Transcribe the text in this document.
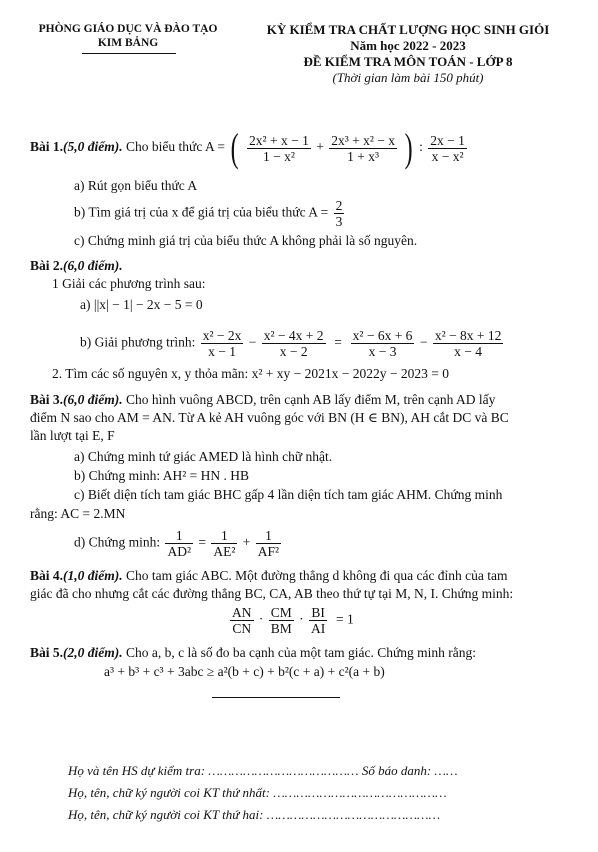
PHÒNG GIÁO DỤC VÀ ĐÀO TẠO
KIM BẢNG
KỲ KIỂM TRA CHẤT LƯỢNG HỌC SINH GIỎI
Năm học 2022 - 2023
ĐỀ KIỂM TRA MÔN TOÁN - LỚP 8
(Thời gian làm bài 150 phút)
Bài 1.(5,0 điểm). Cho biểu thức A = ( $\frac{\text{2x² + x − 1}}{\text{1 − x²}} + \frac{\text{2x³ + x² − x}}{\text{1 + x³}}$ ) : $\frac{2x - 1}{\text{x − x²}}$
a) Rút gọn biểu thức A
b) Tìm giá trị của x để giá trị của biểu thức $A = \frac{2}{3}$
c) Chứng minh giá trị của biểu thức A không phải là số nguyên.
Bài 2.(6,0 điểm).
1 Giải các phương trình sau:
a) ||x| − 1| − 2x − 5 = 0
b) Giải phương trình: $\frac{\text{x² − 2x}}{x - 1} - \frac{\text{x² − 4x + 2}}{x - 2} = \frac{\text{x² − 6x + 6}}{x - 3} - \frac{\text{x² − 8x + 12}}{x - 4}$
2. Tìm các số nguyên x, y thỏa mãn: x² + xy − 2021x − 2022y − 2023 = 0
Bài 3.(6,0 điểm). Cho hình vuông ABCD, trên cạnh AB lấy điểm M, trên cạnh AD lấy
điểm N sao cho AM = AN. Từ A kẻ AH vuông góc với BN (H ∈ BN), AH cắt DC và BC
lần lượt tại E, F
a) Chứng minh tứ giác AMED là hình chữ nhật.
b) Chứng minh: AH² = HN . HB
c) Biết diện tích tam giác BHC gấp 4 lần diện tích tam giác AHM. Chứng minh
rằng: AC = 2.MN
d) Chứng minh: $\frac{1}{\text{AD²}} = \frac{1}{\text{AE²}} + \frac{1}{\text{AF²}}$
Bài 4.(1,0 điểm). Cho tam giác ABC. Một đường thẳng d không đi qua các đỉnh của tam
giác đã cho nhưng cắt các đường thẳng BC, CA, AB theo thứ tự tại M, N, I. Chứng minh:
$\frac{AN}{CN} \cdot \frac{CM}{BM} \cdot \frac{BI}{AI} = 1$
Bài 5.(2,0 điểm). Cho a, b, c là số đo ba cạnh của một tam giác. Chứng minh rằng:
a³ + b³ + c³ + 3abc ≥ a²(b + c) + b²(c + a) + c²(a + b)
Họ và tên HS dự kiểm tra: ………………………………… Số báo danh: ……
Họ, tên, chữ ký người coi KT thứ nhất: ………………………………………
Họ, tên, chữ ký người coi KT thứ hai: ………………………………………
